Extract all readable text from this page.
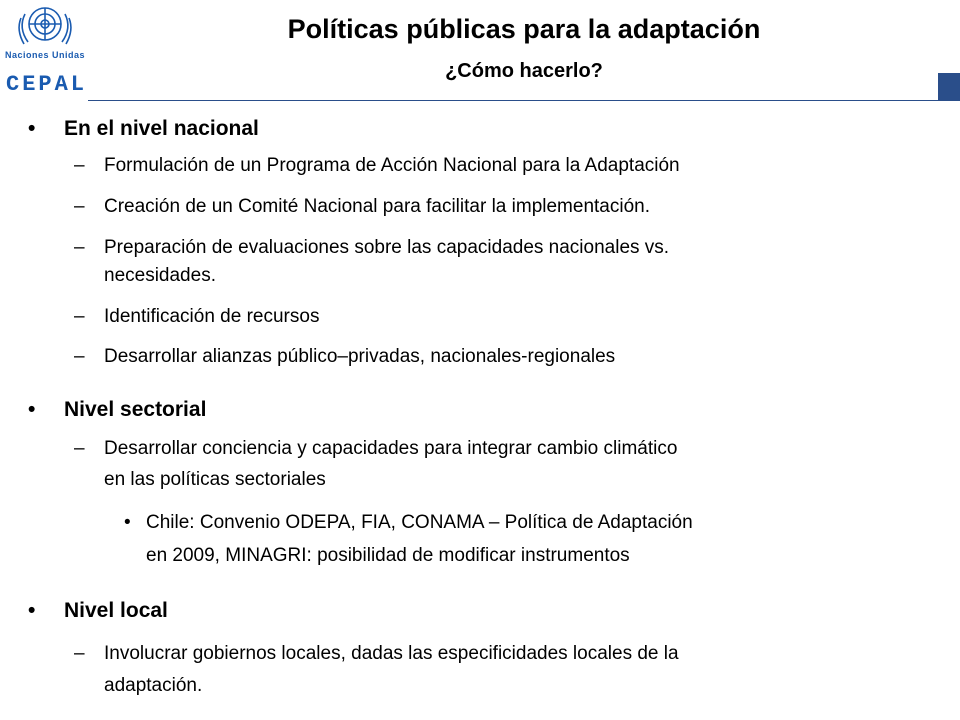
Naciones Unidas
CEPAL
Políticas públicas para la adaptación
¿Cómo hacerlo?
• En el nivel nacional
– Formulación de un Programa de Acción Nacional para la Adaptación
– Creación de un Comité Nacional para facilitar la implementación.
– Preparación de evaluaciones sobre las capacidades nacionales vs.
necesidades.
– Identificación de recursos
– Desarrollar alianzas público–privadas, nacionales-regionales
• Nivel sectorial
– Desarrollar conciencia y capacidades para integrar cambio climático
en las políticas sectoriales
• Chile: Convenio ODEPA, FIA, CONAMA – Política de Adaptación
en 2009, MINAGRI: posibilidad de modificar instrumentos
• Nivel local
– Involucrar gobiernos locales, dadas las especificidades locales de la
adaptación.
